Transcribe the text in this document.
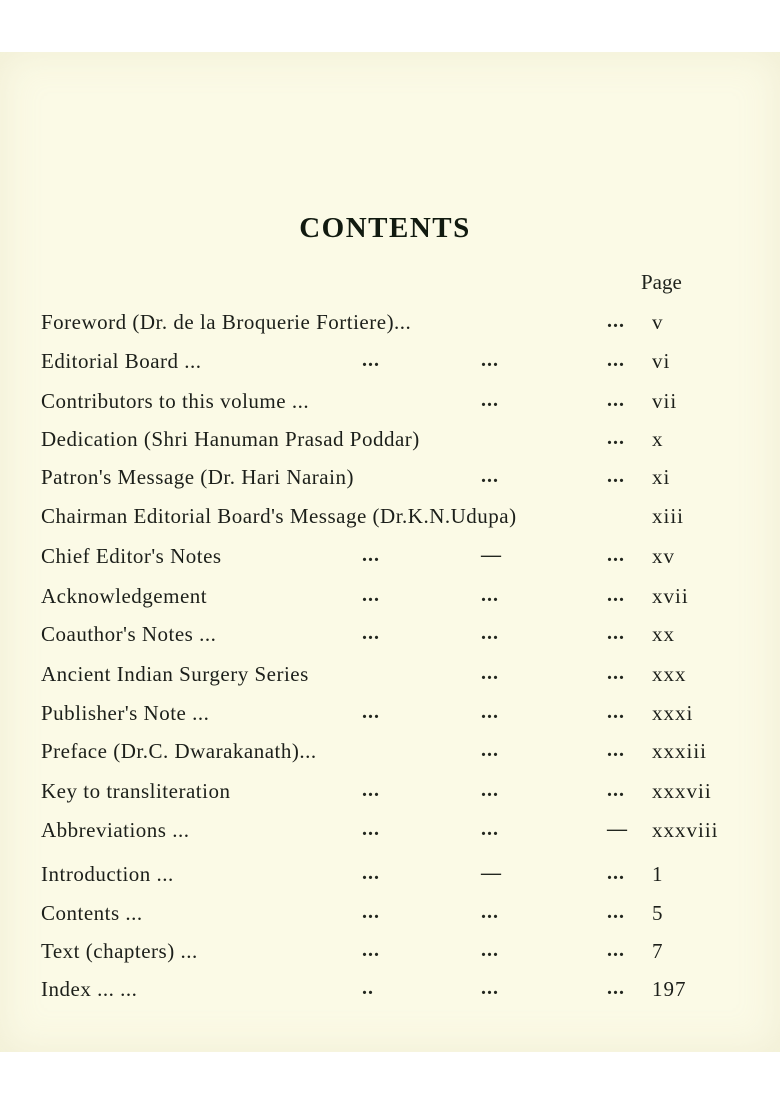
CONTENTS
Page
Foreword (Dr. de la Broquerie Fortiere)...	... v
Editorial Board ...	...	...	... vi
Contributors to this volume ...	...	... vii
Dedication (Shri Hanuman Prasad Poddar)	... x
Patron's Message (Dr. Hari Narain)	...	... xi
Chairman Editorial Board's Message (Dr.K.N.Udupa)	xiii
Chief Editor's Notes	...	—	... xv
Acknowledgement	...	...	... xvii
Coauthor's Notes ...	...	...	... xx
Ancient Indian Surgery Series	...	... xxx
Publisher's Note ...	...	...	... xxxi
Preface (Dr.C. Dwarakanath)...	...	... xxxiii
Key to transliteration	...	...	... xxxvii
Abbreviations ...	...	...	— xxxviii
Introduction ...	...	—	... 1
Contents ...	...	...	... 5
Text (chapters) ...	...	...	... 7
Index ... ...	..	...	... 197
